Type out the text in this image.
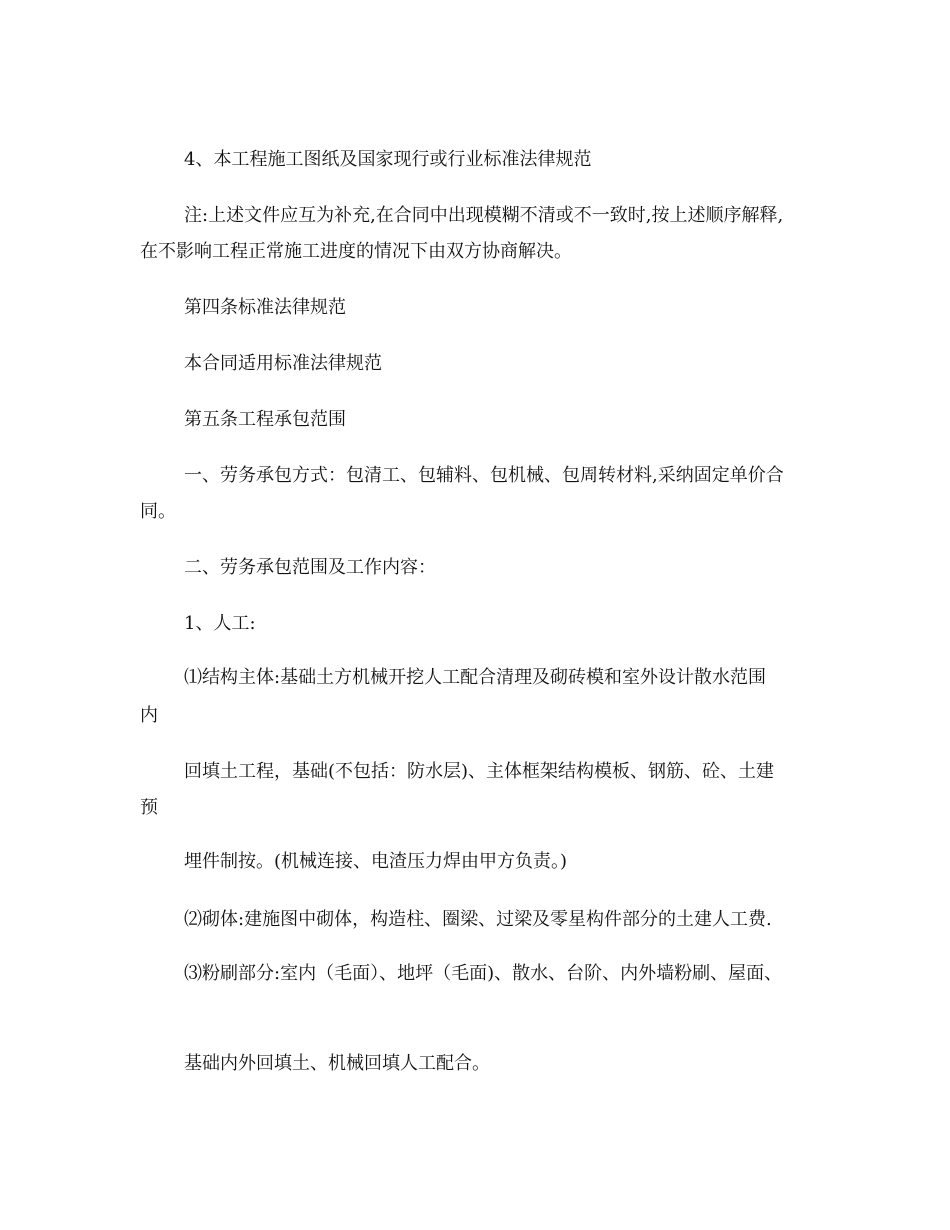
4、本工程施工图纸及国家现行或行业标准法律规范
注:上述文件应互为补充,在合同中出现模糊不清或不一致时,按上述顺序解释,
在不影响工程正常施工进度的情况下由双方协商解决。
第四条标准法律规范
本合同适用标准法律规范
第五条工程承包范围
一、劳务承包方式：包清工、包辅料、包机械、包周转材料,采纳固定单价合
同。
二、劳务承包范围及工作内容：
1、人工:
⑴结构主体:基础土方机械开挖人工配合清理及砌砖模和室外设计散水范围
内
回填土工程，基础(不包括：防水层)、主体框架结构模板、钢筋、砼、土建
预
埋件制按。(机械连接、电渣压力焊由甲方负责。)
⑵砌体:建施图中砌体，构造柱、圈梁、过梁及零星构件部分的土建人工费.
⑶粉刷部分:室内（毛面）、地坪（毛面)、散水、台阶、内外墙粉刷、屋面、
基础内外回填土、机械回填人工配合。
